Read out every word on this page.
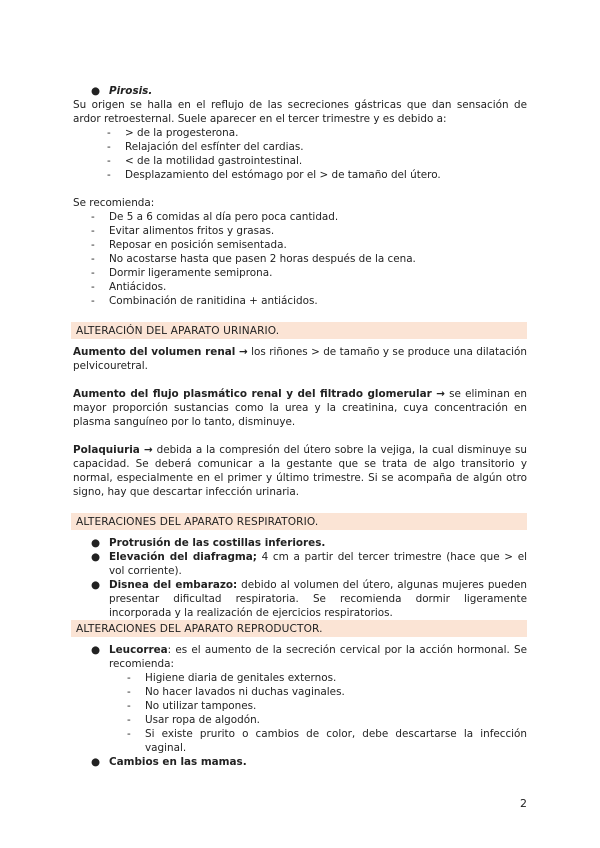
● Pirosis.

Su origen se halla en el reflujo de las secreciones gástricas que dan sensación de ardor retroesternal. Suele aparecer en el tercer trimestre y es debido a:

- > de la progesterona.
- Relajación del esfínter del cardias.
- < de la motilidad gastrointestinal.
- Desplazamiento del estómago por el > de tamaño del útero.

Se recomienda:

- De 5 a 6 comidas al día pero poca cantidad.
- Evitar alimentos fritos y grasas.
- Reposar en posición semisentada.
- No acostarse hasta que pasen 2 horas después de la cena.
- Dormir ligeramente semiprona.
- Antiácidos.
- Combinación de ranitidina + antiácidos.
ALTERACIÓN DEL APARATO URINARIO.

Aumento del volumen renal → los riñones > de tamaño y se produce una dilatación pelvicouretral.

Aumento del flujo plasmático renal y del filtrado glomerular → se eliminan en mayor proporción sustancias como la urea y la creatinina, cuya concentración en plasma sanguíneo por lo tanto, disminuye.

Polaquiuria → debida a la compresión del útero sobre la vejiga, la cual disminuye su capacidad. Se deberá comunicar a la gestante que se trata de algo transitorio y normal, especialmente en el primer y último trimestre. Si se acompaña de algún otro signo, hay que descartar infección urinaria.

ALTERACIONES DEL APARATO RESPIRATORIO.
● Protrusión de las costillas inferiores.
● Elevación del diafragma; 4 cm a partir del tercer trimestre (hace que > el vol corriente).
● Disnea del embarazo: debido al volumen del útero, algunas mujeres pueden presentar dificultad respiratoria. Se recomienda dormir ligeramente incorporada y la realización de ejercicios respiratorios.
ALTERACIONES DEL APARATO REPRODUCTOR.
● Leucorrea: es el aumento de la secreción cervical por la acción hormonal. Se recomienda:
- Higiene diaria de genitales externos.
- No hacer lavados ni duchas vaginales.
- No utilizar tampones.
- Usar ropa de algodón.
- Si existe prurito o cambios de color, debe descartarse la infección vaginal.
● Cambios en las mamas.
2
